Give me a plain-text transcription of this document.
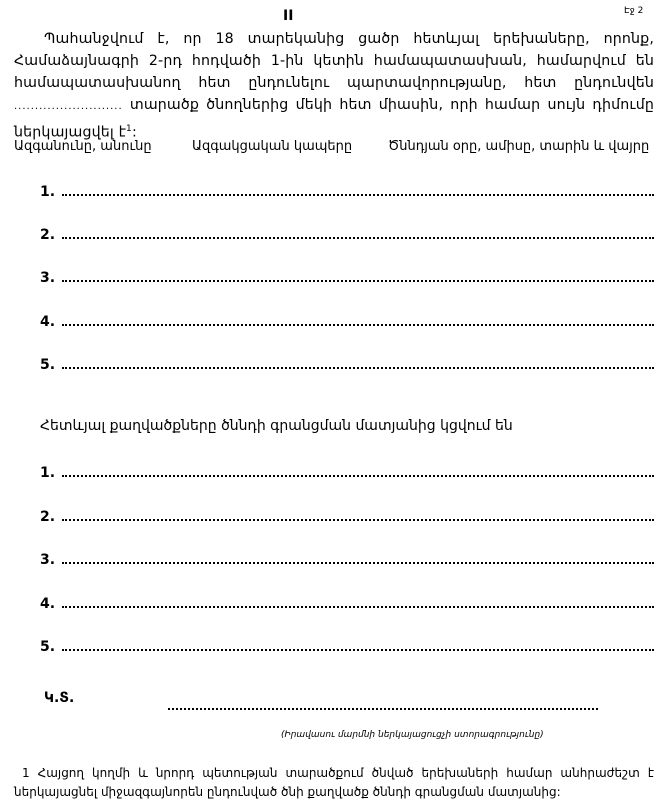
Էջ 2
II

Պահանջվում է, որ 18 տարեկանից ցածր հետևյալ երեխաները, որոնք, Համաձայնագրի 2-րդ հոդվածի 1-ին կետին համապատասխան, համարվում են համապատասխանող հետ ընդունելու պարտավորությանը, հետ ընդունվեն .......................... տարածք ծնողներից մեկի հետ միասին, որի համար սույն դիմումը ներկայացվել է$^1$:

Ազգանունը, անունը	Ազգակցական կապերը	Ծննդյան օրը, ամիսը, տարին և վայրը
1.
2.
3.
4.
5.
Հետևյալ քաղվածքները ծննդի գրանցման մատյանից կցվում են
1.
2.
3.
4.
5.
Կ.Տ.
(Իրավասու մարմնի ներկայացուցչի ստորագրությունը)

1 Հայցող կողմի և նրորդ պետության տարածքում ծնված երեխաների համար անհրաժեշտ է ներկայացնել միջազգայնորեն ընդունված ծնի քաղվածք ծննդի գրանցման մատյանից:
